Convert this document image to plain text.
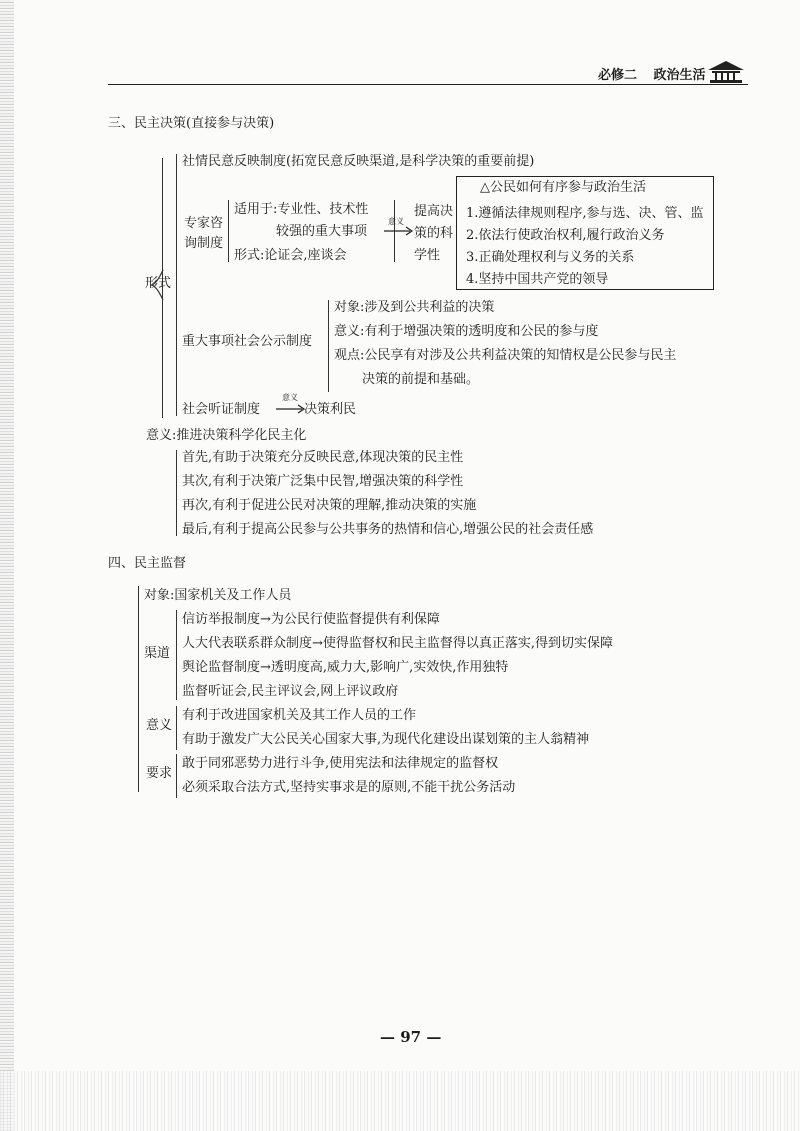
必修二 政治生活
三、民主决策(直接参与决策)
形式
社情民意反映制度(拓宽民意反映渠道,是科学决策的重要前提)
专家咨
询制度
适用于:专业性、技术性
较强的重大事项
形式:论证会,座谈会
意义
提高决
策的科
学性
△公民如何有序参与政治生活
1.遵循法律规则程序,参与选、决、管、监
2.依法行使政治权利,履行政治义务
3.正确处理权利与义务的关系
4.坚持中国共产党的领导
重大事项社会公示制度
对象:涉及到公共利益的决策
意义:有利于增强决策的透明度和公民的参与度
观点:公民享有对涉及公共利益决策的知情权是公民参与民主
决策的前提和基础。
社会听证制度
意义
决策利民
意义:推进决策科学化民主化
首先,有助于决策充分反映民意,体现决策的民主性
其次,有利于决策广泛集中民智,增强决策的科学性
再次,有利于促进公民对决策的理解,推动决策的实施
最后,有利于提高公民参与公共事务的热情和信心,增强公民的社会责任感
四、民主监督
对象:国家机关及工作人员
渠道
信访举报制度→为公民行使监督提供有利保障
人大代表联系群众制度→使得监督权和民主监督得以真正落实,得到切实保障
舆论监督制度→透明度高,威力大,影响广,实效快,作用独特
监督听证会,民主评议会,网上评议政府
意义
有利于改进国家机关及其工作人员的工作
有助于激发广大公民关心国家大事,为现代化建设出谋划策的主人翁精神
要求
敢于同邪恶势力进行斗争,使用宪法和法律规定的监督权
必须采取合法方式,坚持实事求是的原则,不能干扰公务活动
— 97 —
